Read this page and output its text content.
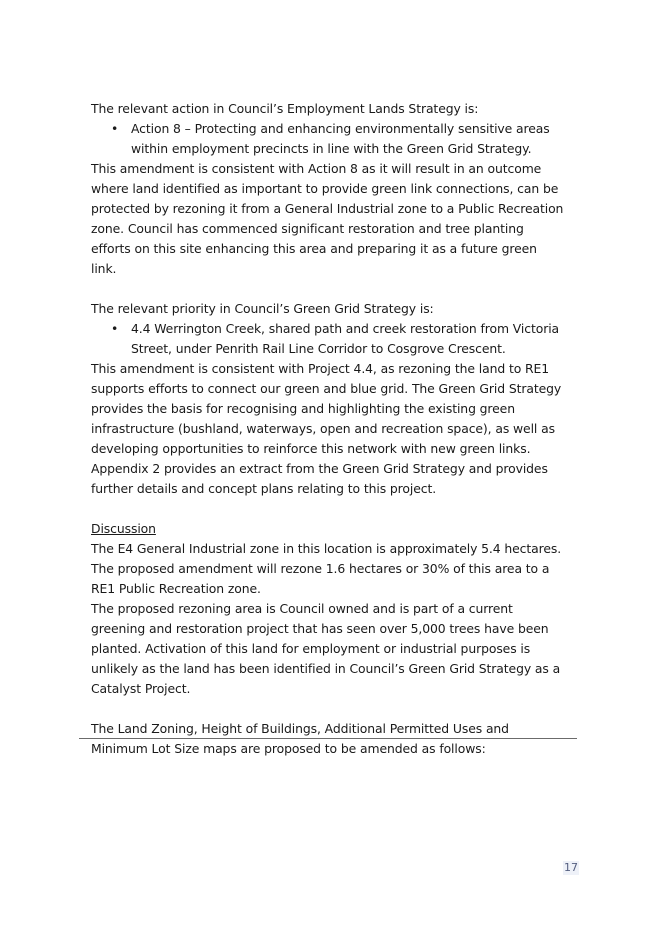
The relevant action in Council’s Employment Lands Strategy is:

• Action 8 – Protecting and enhancing environmentally sensitive areas within employment precincts in line with the Green Grid Strategy.

This amendment is consistent with Action 8 as it will result in an outcome where land identified as important to provide green link connections, can be protected by rezoning it from a General Industrial zone to a Public Recreation zone. Council has commenced significant restoration and tree planting efforts on this site enhancing this area and preparing it as a future green link.

The relevant priority in Council’s Green Grid Strategy is:

• 4.4 Werrington Creek, shared path and creek restoration from Victoria Street, under Penrith Rail Line Corridor to Cosgrove Crescent.

This amendment is consistent with Project 4.4, as rezoning the land to RE1 supports efforts to connect our green and blue grid. The Green Grid Strategy provides the basis for recognising and highlighting the existing green infrastructure (bushland, waterways, open and recreation space), as well as developing opportunities to reinforce this network with new green links. Appendix 2 provides an extract from the Green Grid Strategy and provides further details and concept plans relating to this project.

Discussion

The E4 General Industrial zone in this location is approximately 5.4 hectares. The proposed amendment will rezone 1.6 hectares or 30% of this area to a RE1 Public Recreation zone.

The proposed rezoning area is Council owned and is part of a current greening and restoration project that has seen over 5,000 trees have been planted. Activation of this land for employment or industrial purposes is unlikely as the land has been identified in Council’s Green Grid Strategy as a Catalyst Project.

The Land Zoning, Height of Buildings, Additional Permitted Uses and Minimum Lot Size maps are proposed to be amended as follows:

17
